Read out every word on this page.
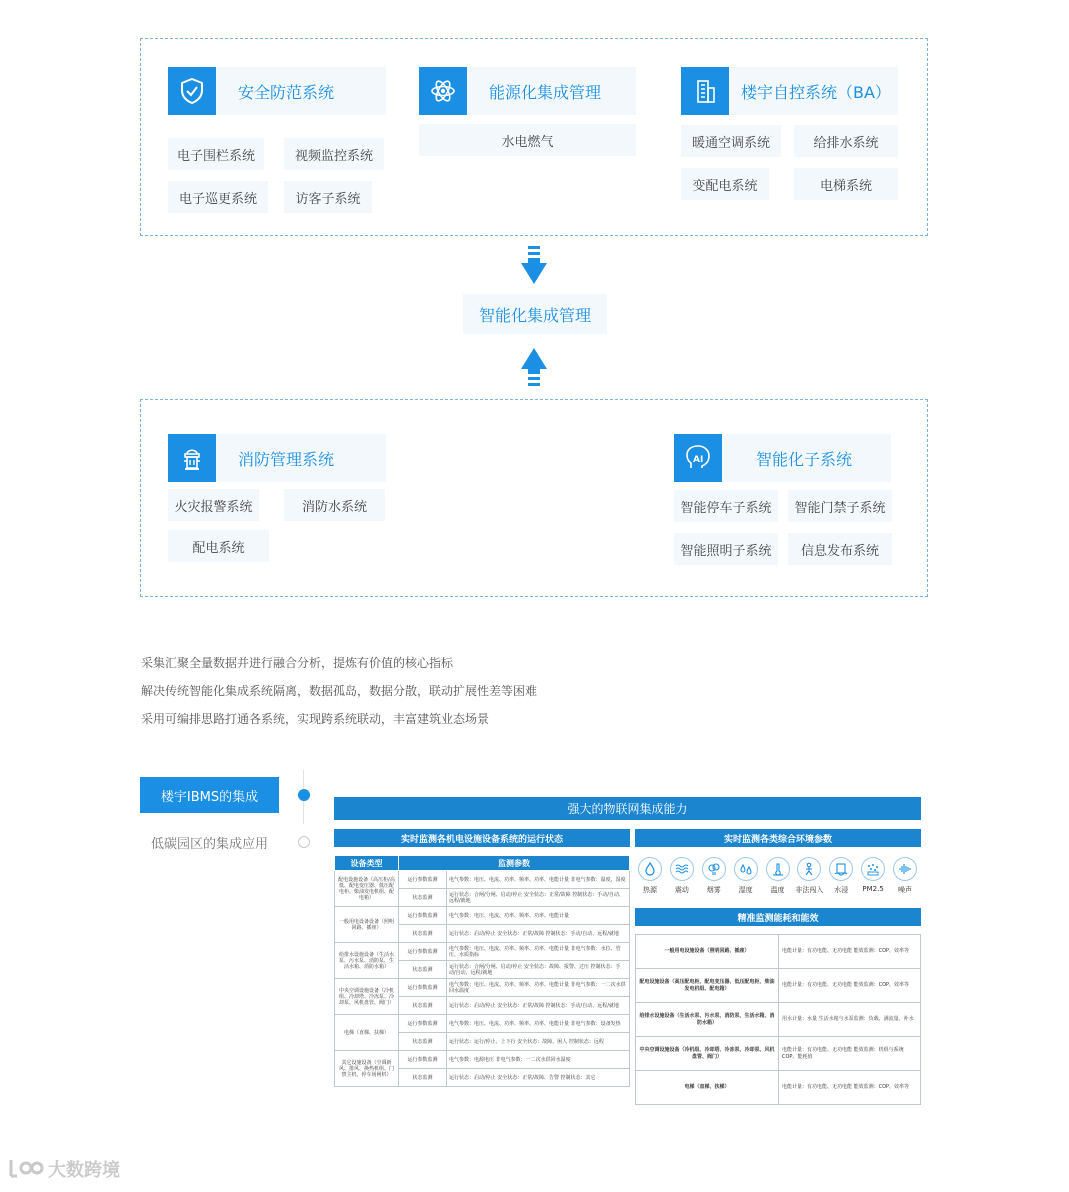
安全防范系统
电子围栏系统	视频监控系统
电子巡更系统	访客子系统
能源化集成管理
水电燃气
楼宇自控系统（BA）
暖通空调系统	给排水系统
变配电系统	电梯系统
智能化集成管理
消防管理系统
火灾报警系统	消防水系统
配电系统
AI	智能化子系统
智能停车子系统	智能门禁子系统
智能照明子系统	信息发布系统

采集汇聚全量数据并进行融合分析，提炼有价值的核心指标

解决传统智能化集成系统隔离，数据孤岛，数据分散，联动扩展性差等困难

采用可编排思路打通各系统，实现跨系统联动，丰富建筑业态场景

楼宇IBMS的集成
低碳园区的集成应用
强大的物联网集成能力
实时监测各机电设施设备系统的运行状态	实时监测各类综合环境参数
设备类型	监测参数	
配电设施设备（高压柜/高低、配电变压器、低压配电柜、柴油发电机组、配电箱）	运行参数监测	电气参数：电压、电流、功率、频率、功率、电能计量 非电气参数：温度、湿度
	状态监测	运行状态：合闸/分闸、启动/停止 安全状态：正常/故障 控制状态：手动/自动、远程/就地
一般用电设备设备（照明回路、插座）	运行参数监测	电气参数：电压、电流、功率、频率、功率、电能计量
	状态监测	运行状态：启动/停止 安全状态：正常/故障 控制状态：手动/自动、远程/就地
给排水设施设备（生活水泵、污水泵、消防泵、生活水箱、消防水箱）	运行参数监测	电气参数：电压、电流、功率、频率、功率、电能计量 非电气参数：水位、管压、水质指标
	状态监测	运行状态：合闸/分闸、启动/停止 安全状态：故障、报警、过压 控制状态：手动/自动、远程/就地
中央空调设施设备（冷机组、冷却塔、冷冻泵、冷却泵、风机盘管、阀门）	运行参数监测	电气参数：电压、电流、功率、频率、功率、电能计量 非电气参数：一二次水供回水温度
	状态监测	运行状态：启动/停止 安全状态：正常/故障 控制状态：手动/自动、远程/就地
电梯（直梯、扶梯）	运行参数监测	电气参数：电压、电流、功率、频率、功率、电能计量 非电气参数：设备发热
	状态监测	运行状态：运行/停止、上下行 安全状态：故障、困人 控制状态：远程
其它设施设备（空调新风、排风、换热机组、门禁主机、停车场闸机）	运行参数监测	电气参数：电源电压 非电气参数：一二次水供回水温度
	状态监测	运行状态：启动/停止 安全状态：正常/故障、告警 控制状态：其它
热源	震动	烟雾	湿度	温度	非法闯入	水浸	PM2.5	噪声
精准监测能耗和能效
一般用电设施设备（照明回路、插座）	电能计量：有功电能、无功电能 能效监测：COP、效率等
配电设施设备（高压配电柜、配电变压器、低压配电柜、柴油发电机组、配电箱）	电能计量：有功电能、无功电能 能效监测：COP、效率等
给排水设施设备（生活水泵、污水泵、消防泵、生活水箱、消防水箱）	用水计量：水量 生活水箱与水泵监测：负载、满流量、补水
中央空调设施设备（冷机组、冷却塔、冷冻泵、冷却泵、风机盘管、阀门）	电能计量：有功电能、无功电能 能效监测：机组与系统COP、能耗值
电梯（直梯、扶梯）	电能计量：有功电能、无功电能 能效监测：COP、效率等
大数跨境
